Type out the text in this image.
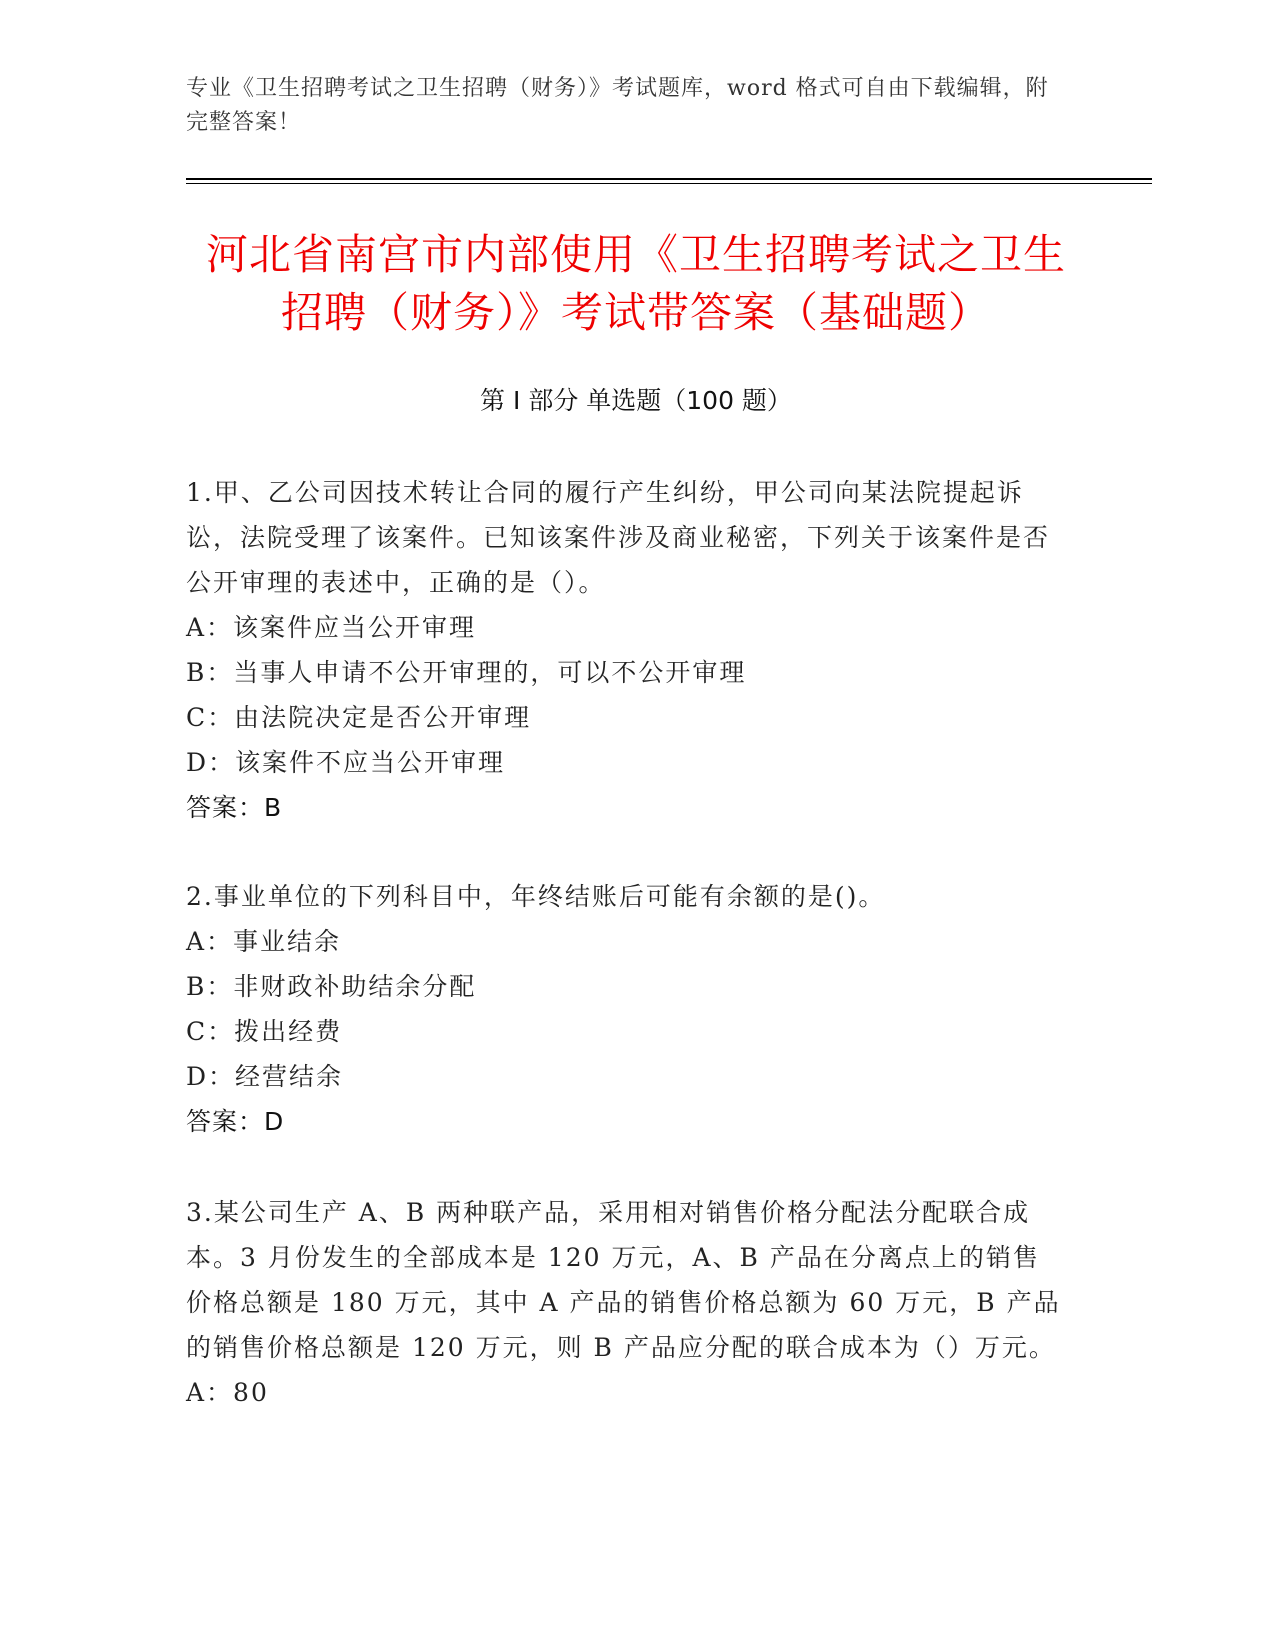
专业《卫生招聘考试之卫生招聘（财务）》考试题库，word 格式可自由下载编辑，附完整答案！
河北省南宫市内部使用《卫生招聘考试之卫生招聘（财务）》考试带答案（基础题）
第 I 部分 单选题（100 题）

1.甲、乙公司因技术转让合同的履行产生纠纷，甲公司向某法院提起诉讼，法院受理了该案件。已知该案件涉及商业秘密，下列关于该案件是否公开审理的表述中，正确的是（）。

A：该案件应当公开审理

B：当事人申请不公开审理的，可以不公开审理

C：由法院决定是否公开审理

D：该案件不应当公开审理

答案：B

2.事业单位的下列科目中，年终结账后可能有余额的是()。

A：事业结余

B：非财政补助结余分配

C：拨出经费

D：经营结余

答案：D

3.某公司生产 A、B 两种联产品，采用相对销售价格分配法分配联合成本。3 月份发生的全部成本是 120 万元，A、B 产品在分离点上的销售价格总额是 180 万元，其中 A 产品的销售价格总额为 60 万元，B 产品的销售价格总额是 120 万元，则 B 产品应分配的联合成本为（）万元。

A：80
